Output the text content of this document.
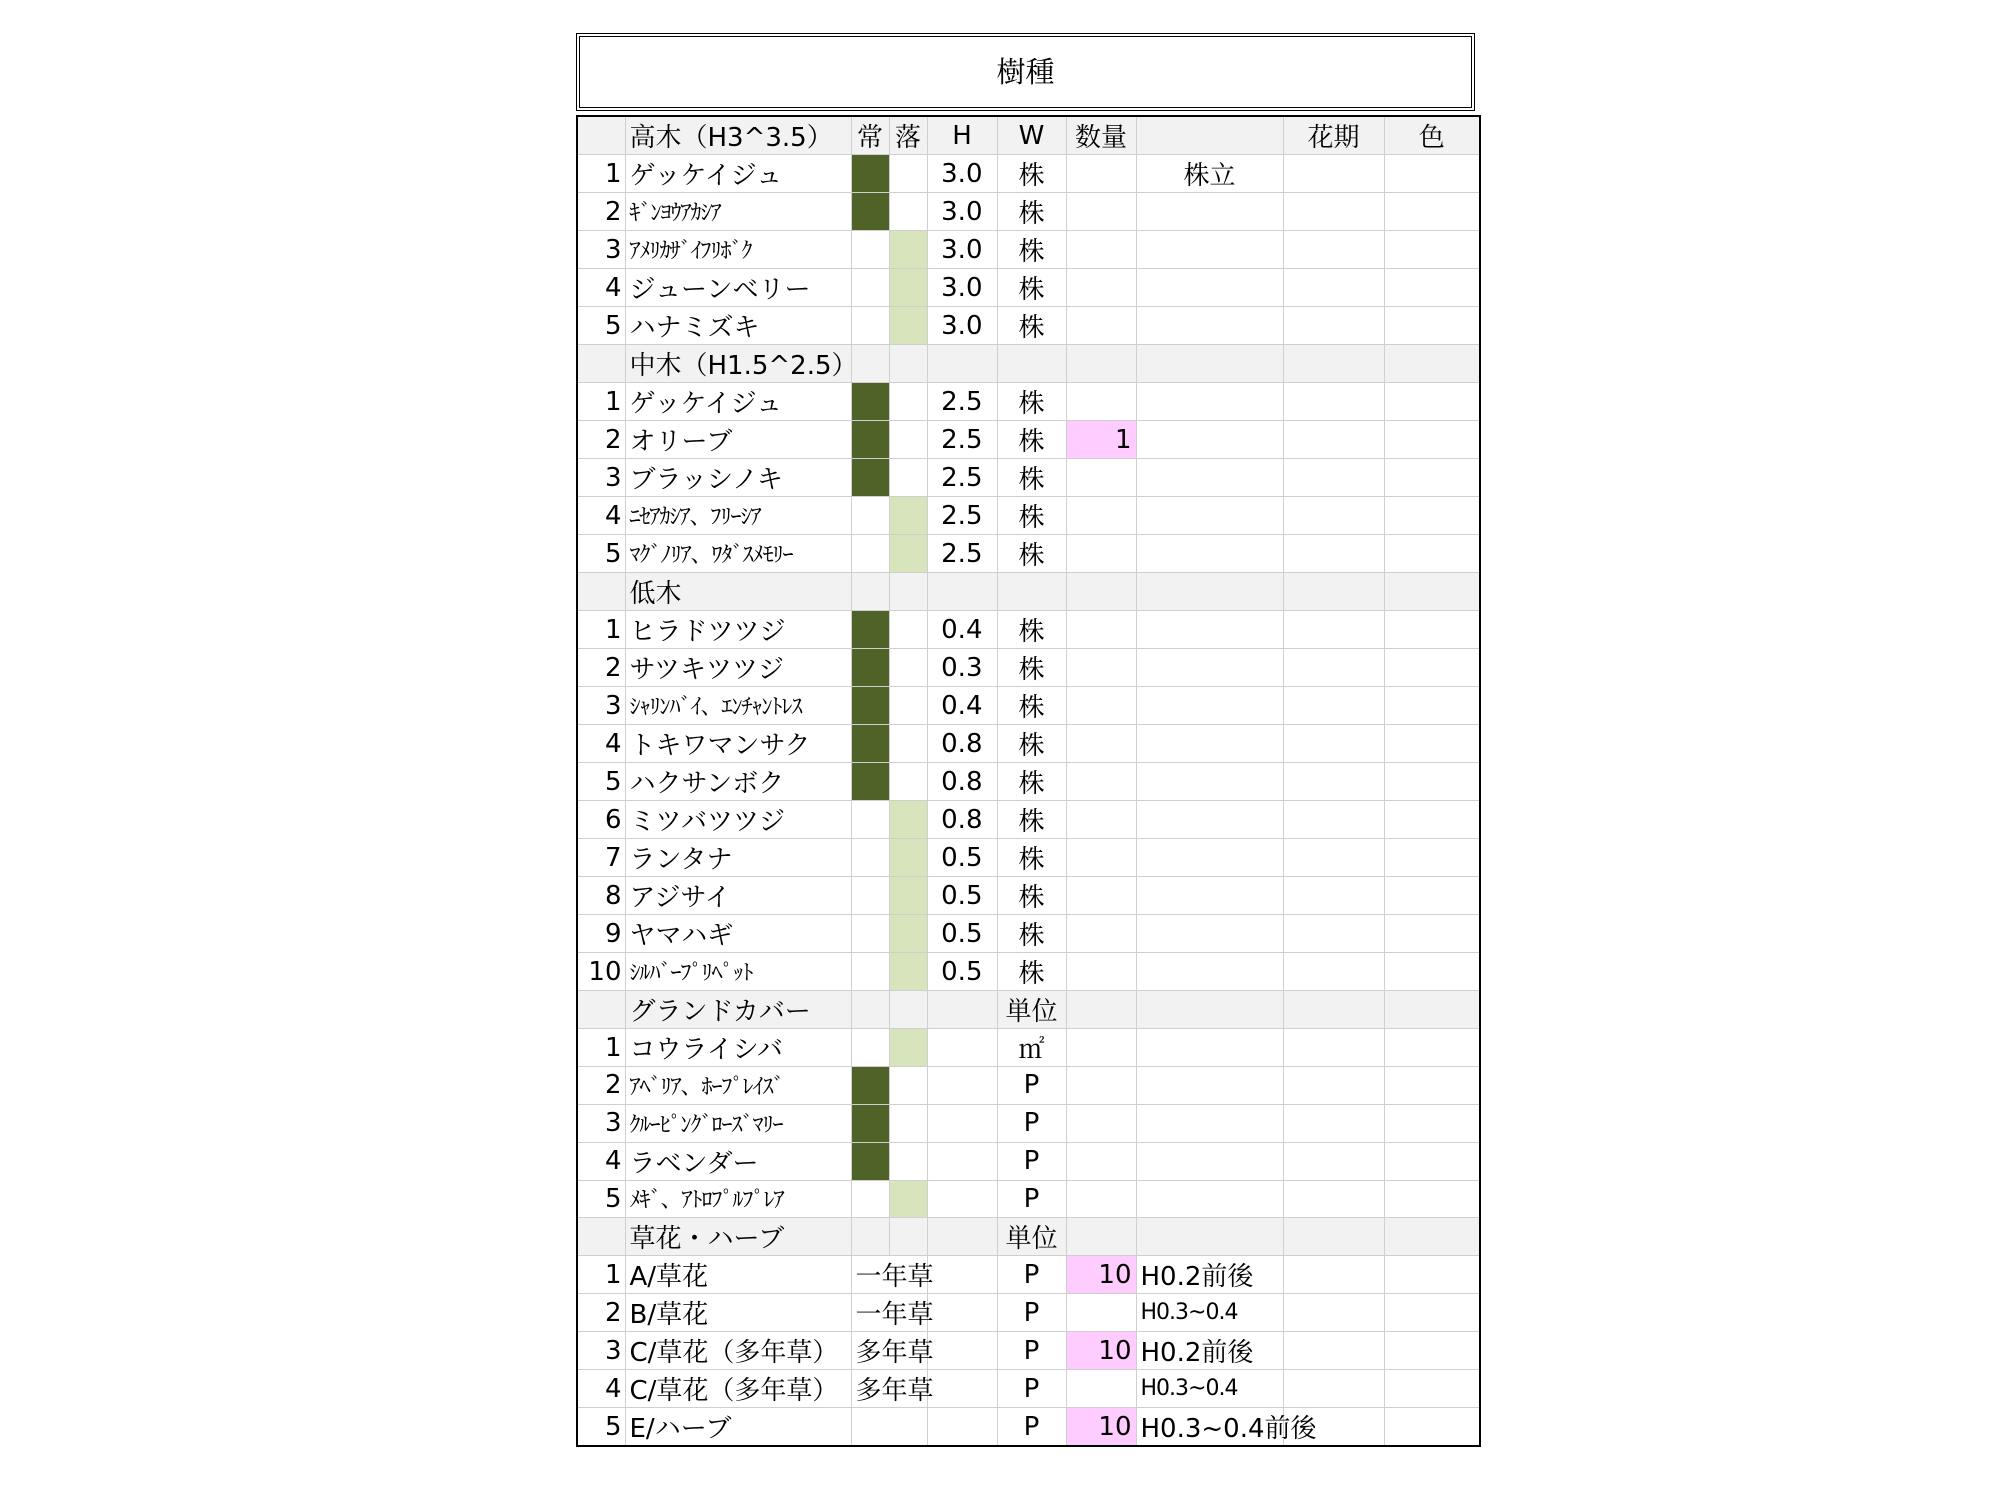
樹種
	高木（H3^3.5）	常	落	H	W	数量		花期	色
1	ゲッケイジュ			3.0	株		株立		
2	ｷﾞﾝﾖｳｱｶｼｱ			3.0	株				
3	ｱﾒﾘｶｻﾞｲﾌﾘﾎﾞｸ			3.0	株				
4	ジューンベリー			3.0	株				
5	ハナミズキ			3.0	株				
	中木（H1.5^2.5）								
1	ゲッケイジュ			2.5	株				
2	オリーブ			2.5	株	1			
3	ブラッシノキ			2.5	株				
4	ﾆｾｱｶｼｱ、ﾌﾘｰｼｱ			2.5	株				
5	ﾏｸﾞﾉﾘｱ、ﾜﾀﾞｽﾒﾓﾘｰ			2.5	株				
	低木								
1	ヒラドツツジ			0.4	株				
2	サツキツツジ			0.3	株				
3	ｼｬﾘﾝﾊﾞｲ、ｴﾝﾁｬﾝﾄﾚｽ			0.4	株				
4	トキワマンサク			0.8	株				
5	ハクサンボク			0.8	株				
6	ミツバツツジ			0.8	株				
7	ランタナ			0.5	株				
8	アジサイ			0.5	株				
9	ヤマハギ			0.5	株				
10	ｼﾙﾊﾞｰﾌﾟﾘﾍﾟｯﾄ			0.5	株				
	グランドカバー				単位				
1	コウライシバ				㎡				
2	ｱﾍﾞﾘｱ、ﾎｰﾌﾟﾚｲｽﾞ				P				
3	ｸﾙｰﾋﾟﾝｸﾞﾛｰｽﾞﾏﾘｰ				P				
4	ラベンダー				P				
5	ﾒｷﾞ、ｱﾄﾛﾌﾟﾙﾌﾟﾚｱ				P				
	草花・ハーブ				単位				
1	A/草花	一年草			P	10	H0.2前後		
2	B/草花	一年草			P		H0.3~0.4		
3	C/草花（多年草）	多年草			P	10	H0.2前後		
4	C/草花（多年草）	多年草			P		H0.3~0.4		
5	E/ハーブ				P	10	H0.3~0.4前後		
